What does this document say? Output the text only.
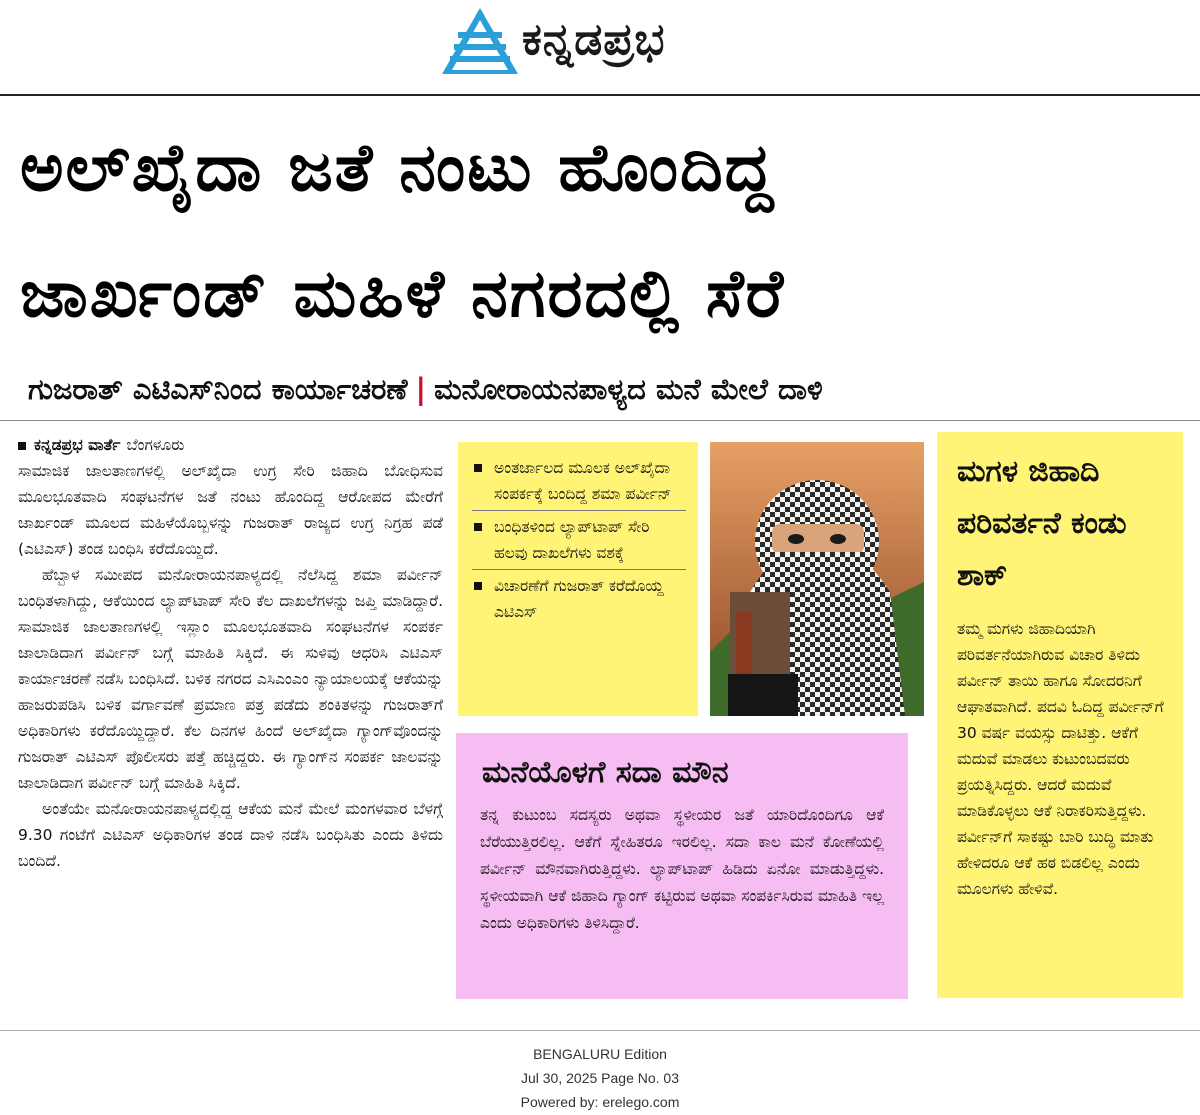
ಕನ್ನಡಪ್ರಭ
ಅಲ್‌ಖೈದಾ ಜತೆ ನಂಟು ಹೊಂದಿದ್ದ
ಜಾರ್ಖಂಡ್‌ ಮಹಿಳೆ ನಗರದಲ್ಲಿ ಸೆರೆ
ಗುಜರಾತ್‌ ಎಟಿಎಸ್‌ನಿಂದ ಕಾರ್ಯಾಚರಣೆ | ಮನೋರಾಯನಪಾಳ್ಯದ ಮನೆ ಮೇಲೆ ದಾಳಿ
ಕನ್ನಡಪ್ರಭ ವಾರ್ತೆ ಬೆಂಗಳೂರು

ಸಾಮಾಜಿಕ ಜಾಲತಾಣಗಳಲ್ಲಿ ಅಲ್‌ಖೈದಾ ಉಗ್ರ ಸೇರಿ ಜಿಹಾದಿ ಬೋಧಿಸುವ ಮೂಲಭೂತವಾದಿ ಸಂಘಟನೆಗಳ ಜತೆ ನಂಟು ಹೊಂದಿದ್ದ ಆರೋಪದ ಮೇರೆಗೆ ಜಾರ್ಖಂಡ್ ಮೂಲದ ಮಹಿಳೆಯೊಬ್ಬಳನ್ನು ಗುಜರಾತ್ ರಾಜ್ಯದ ಉಗ್ರ ನಿಗ್ರಹ ಪಡೆ (ಎಟಿಎಸ್) ತಂಡ ಬಂಧಿಸಿ ಕರೆದೊಯ್ದಿದೆ.

ಹೆಬ್ಬಾಳ ಸಮೀಪದ ಮನೋರಾಯನಪಾಳ್ಯದಲ್ಲಿ ನೆಲೆಸಿದ್ದ ಶಮಾ ಪರ್ವೀನ್ ಬಂಧಿತಳಾಗಿದ್ದು, ಆಕೆಯಿಂದ ಲ್ಯಾಪ್‌ಟಾಪ್ ಸೇರಿ ಕೆಲ ದಾಖಲೆಗಳನ್ನು ಜಪ್ತಿ ಮಾಡಿದ್ದಾರೆ. ಸಾಮಾಜಿಕ ಜಾಲತಾಣಗಳಲ್ಲಿ ಇಸ್ಲಾಂ ಮೂಲಭೂತವಾದಿ ಸಂಘಟನೆಗಳ ಸಂಪರ್ಕ ಜಾಲಾಡಿದಾಗ ಪರ್ವೀನ್ ಬಗ್ಗೆ ಮಾಹಿತಿ ಸಿಕ್ಕಿದೆ. ಈ ಸುಳಿವು ಆಧರಿಸಿ ಎಟಿಎಸ್ ಕಾರ್ಯಾಚರಣೆ ನಡೆಸಿ ಬಂಧಿಸಿದೆ. ಬಳಿಕ ನಗರದ ಎಸಿಎಂಎಂ ನ್ಯಾಯಾಲಯಕ್ಕೆ ಆಕೆಯನ್ನು ಹಾಜರುಪಡಿಸಿ ಬಳಿಕ ವರ್ಗಾವಣೆ ಪ್ರಮಾಣ ಪತ್ರ ಪಡೆದು ಶಂಕಿತಳನ್ನು ಗುಜರಾತ್‌ಗೆ ಅಧಿಕಾರಿಗಳು ಕರೆದೊಯ್ದಿದ್ದಾರೆ. ಕೆಲ ದಿನಗಳ ಹಿಂದೆ ಅಲ್‌ಖೈದಾ ಗ್ಯಾಂಗ್‌ವೊಂದನ್ನು ಗುಜರಾತ್ ಎಟಿಎಸ್ ಪೊಲೀಸರು ಪತ್ತೆ ಹಚ್ಚಿದ್ದರು. ಈ ಗ್ಯಾಂಗ್‌ನ ಸಂಪರ್ಕ ಜಾಲವನ್ನು ಜಾಲಾಡಿದಾಗ ಪರ್ವೀನ್ ಬಗ್ಗೆ ಮಾಹಿತಿ ಸಿಕ್ಕಿದೆ.

ಅಂತೆಯೇ ಮನೋರಾಯನಪಾಳ್ಯದಲ್ಲಿದ್ದ ಆಕೆಯ ಮನೆ ಮೇಲೆ ಮಂಗಳವಾರ ಬೆಳಗ್ಗೆ 9.30 ಗಂಟೆಗೆ ಎಟಿಎಸ್ ಅಧಿಕಾರಿಗಳ ತಂಡ ದಾಳಿ ನಡೆಸಿ ಬಂಧಿಸಿತು ಎಂದು ತಿಳಿದು ಬಂದಿದೆ.

ಅಂತರ್ಜಾಲದ ಮೂಲಕ ಅಲ್‌ಖೈದಾ ಸಂಪರ್ಕಕ್ಕೆ ಬಂದಿದ್ದ ಶಮಾ ಪರ್ವೀನ್
ಬಂಧಿತಳಿಂದ ಲ್ಯಾಪ್‌ಟಾಪ್ ಸೇರಿ ಹಲವು ದಾಖಲೆಗಳು ವಶಕ್ಕೆ
ವಿಚಾರಣೆಗೆ ಗುಜರಾತ್ ಕರೆದೊಯ್ದ ಎಟಿಎಸ್
ಮನೆಯೊಳಗೆ ಸದಾ ಮೌನ
ತನ್ನ ಕುಟುಂಬ ಸದಸ್ಯರು ಅಥವಾ ಸ್ಥಳೀಯರ ಜತೆ ಯಾರಿದೊಂದಿಗೂ ಆಕೆ ಬೆರೆಯುತ್ತಿರಲಿಲ್ಲ. ಆಕೆಗೆ ಸ್ನೇಹಿತರೂ ಇರಲಿಲ್ಲ. ಸದಾ ಕಾಲ ಮನೆ ಕೋಣೆಯಲ್ಲಿ ಪರ್ವೀನ್ ಮೌನವಾಗಿರುತ್ತಿದ್ದಳು. ಲ್ಯಾಪ್‌ಟಾಪ್ ಹಿಡಿದು ಏನೋ ಮಾಡುತ್ತಿದ್ದಳು. ಸ್ಥಳೀಯವಾಗಿ ಆಕೆ ಜಿಹಾದಿ ಗ್ಯಾಂಗ್ ಕಟ್ಟಿರುವ ಅಥವಾ ಸಂಪರ್ಕಿಸಿರುವ ಮಾಹಿತಿ ಇಲ್ಲ ಎಂದು ಅಧಿಕಾರಿಗಳು ತಿಳಿಸಿದ್ದಾರೆ.
ಮಗಳ ಜಿಹಾದಿ ಪರಿವರ್ತನೆ ಕಂಡು ಶಾಕ್
ತಮ್ಮ ಮಗಳು ಜಿಹಾದಿಯಾಗಿ ಪರಿವರ್ತನೆಯಾಗಿರುವ ವಿಚಾರ ತಿಳಿದು ಪರ್ವೀನ್ ತಾಯಿ ಹಾಗೂ ಸೋದರನಿಗೆ ಆಘಾತವಾಗಿದೆ. ಪದವಿ ಓದಿದ್ದ ಪರ್ವೀನ್‌ಗೆ 30 ವರ್ಷ ವಯಸ್ಸು ದಾಟಿತ್ತು. ಆಕೆಗೆ ಮದುವೆ ಮಾಡಲು ಕುಟುಂಬದವರು ಪ್ರಯತ್ನಿಸಿದ್ದರು. ಆದರೆ ಮದುವೆ ಮಾಡಿಕೊಳ್ಳಲು ಆಕೆ ನಿರಾಕರಿಸುತ್ತಿದ್ದಳು. ಪರ್ವೀನ್‌ಗೆ ಸಾಕಷ್ಟು ಬಾರಿ ಬುದ್ಧಿ ಮಾತು ಹೇಳಿದರೂ ಆಕೆ ಹಠ ಬಿಡಲಿಲ್ಲ ಎಂದು ಮೂಲಗಳು ಹೇಳಿವೆ.
BENGALURU Edition
Jul 30, 2025 Page No. 03
Powered by: erelego.com
